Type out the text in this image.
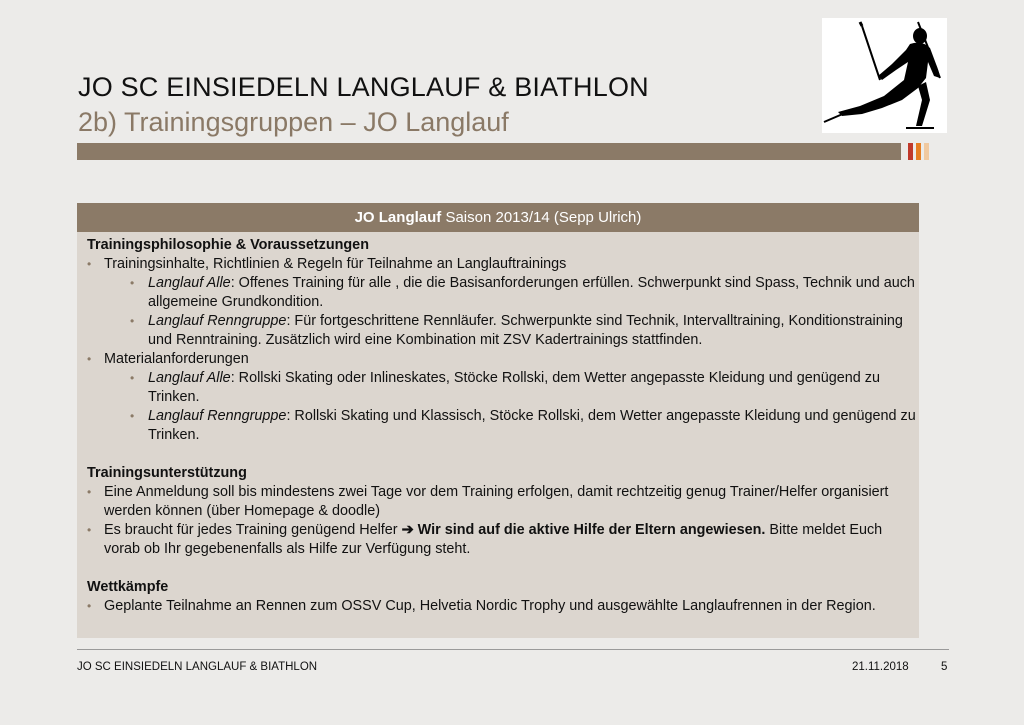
JO SC EINSIEDELN LANGLAUF & BIATHLON
2b) Trainingsgruppen – JO Langlauf
JO Langlauf Saison 2013/14 (Sepp Ulrich)
Trainingsphilosophie & Voraussetzungen
• Trainingsinhalte, Richtlinien & Regeln für Teilnahme an Langlauftrainings
• Langlauf Alle: Offenes Training für alle , die die Basisanforderungen erfüllen. Schwerpunkt sind Spass, Technik und auch allgemeine Grundkondition.
• Langlauf Renngruppe: Für fortgeschrittene Rennläufer. Schwerpunkte sind Technik, Intervalltraining, Konditionstraining und Renntraining. Zusätzlich wird eine Kombination mit ZSV Kadertrainings stattfinden.
• Materialanforderungen
• Langlauf Alle: Rollski Skating oder Inlineskates, Stöcke Rollski, dem Wetter angepasste Kleidung und genügend zu Trinken.
• Langlauf Renngruppe: Rollski Skating und Klassisch, Stöcke Rollski, dem Wetter angepasste Kleidung und genügend zu Trinken.
Trainingsunterstützung
• Eine Anmeldung soll bis mindestens zwei Tage vor dem Training erfolgen, damit rechtzeitig genug Trainer/Helfer organisiert werden können (über Homepage & doodle)
• Es braucht für jedes Training genügend Helfer ➔ Wir sind auf die aktive Hilfe der Eltern angewiesen. Bitte meldet Euch vorab ob Ihr gegebenenfalls als Hilfe zur Verfügung steht.
Wettkämpfe
• Geplante Teilnahme an Rennen zum OSSV Cup, Helvetia Nordic Trophy und ausgewählte Langlaufrennen in der Region.
JO SC EINSIEDELN LANGLAUF & BIATHLON	21.11.2018	5
